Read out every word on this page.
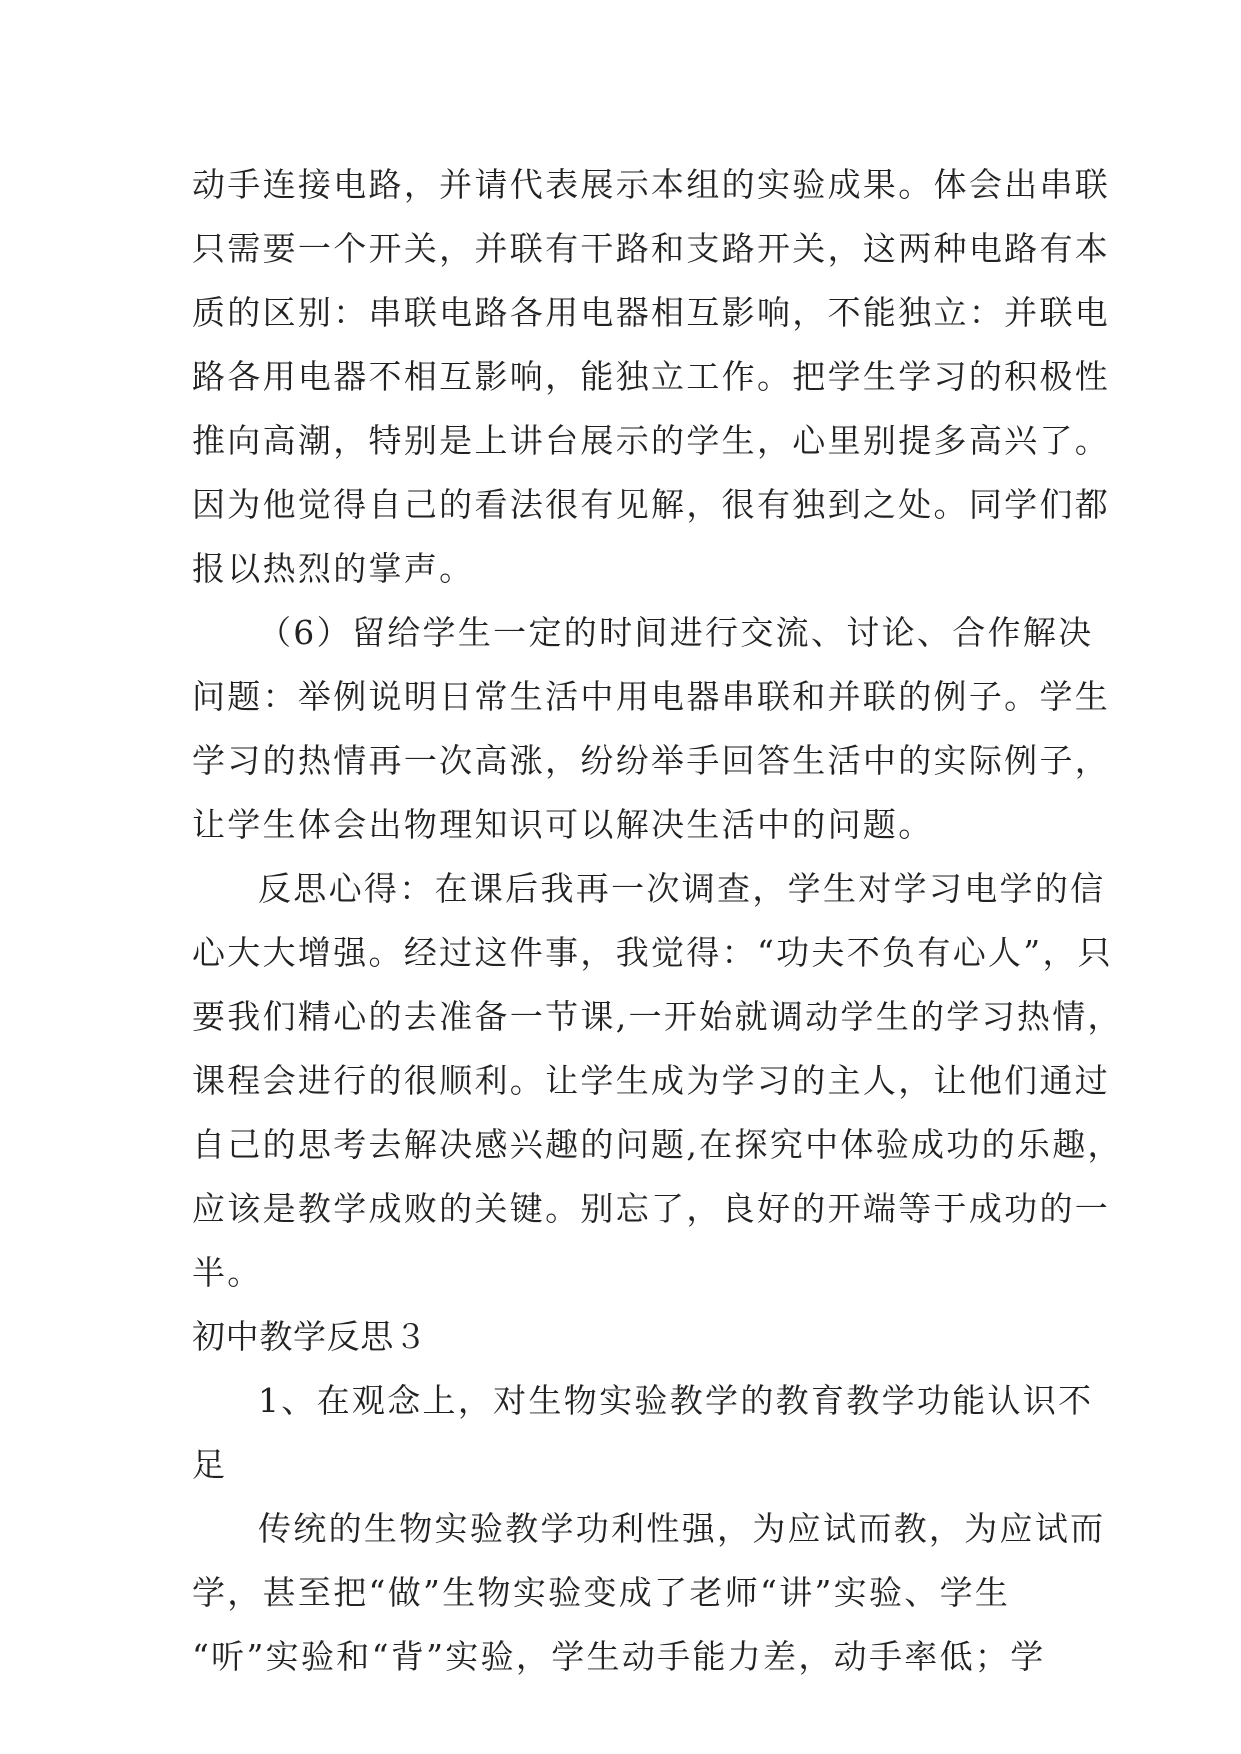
动手连接电路，并请代表展示本组的实验成果。体会出串联
只需要一个开关，并联有干路和支路开关，这两种电路有本
质的区别：串联电路各用电器相互影响，不能独立：并联电
路各用电器不相互影响，能独立工作。把学生学习的积极性
推向高潮，特别是上讲台展示的学生，心里别提多高兴了。
因为他觉得自己的看法很有见解，很有独到之处。同学们都
报以热烈的掌声。
（6）留给学生一定的时间进行交流、讨论、合作解决
问题：举例说明日常生活中用电器串联和并联的例子。学生
学习的热情再一次高涨，纷纷举手回答生活中的实际例子，
让学生体会出物理知识可以解决生活中的问题。
反思心得：在课后我再一次调查，学生对学习电学的信
心大大增强。经过这件事，我觉得：“功夫不负有心人”，只
要我们精心的去准备一节课,一开始就调动学生的学习热情，
课程会进行的很顺利。让学生成为学习的主人，让他们通过
自己的思考去解决感兴趣的问题,在探究中体验成功的乐趣，
应该是教学成败的关键。别忘了，良好的开端等于成功的一
半。
初中教学反思３
1、在观念上，对生物实验教学的教育教学功能认识不
足
传统的生物实验教学功利性强，为应试而教，为应试而
学，甚至把“做”生物实验变成了老师“讲”实验、学生
“听”实验和“背”实验，学生动手能力差，动手率低；学
